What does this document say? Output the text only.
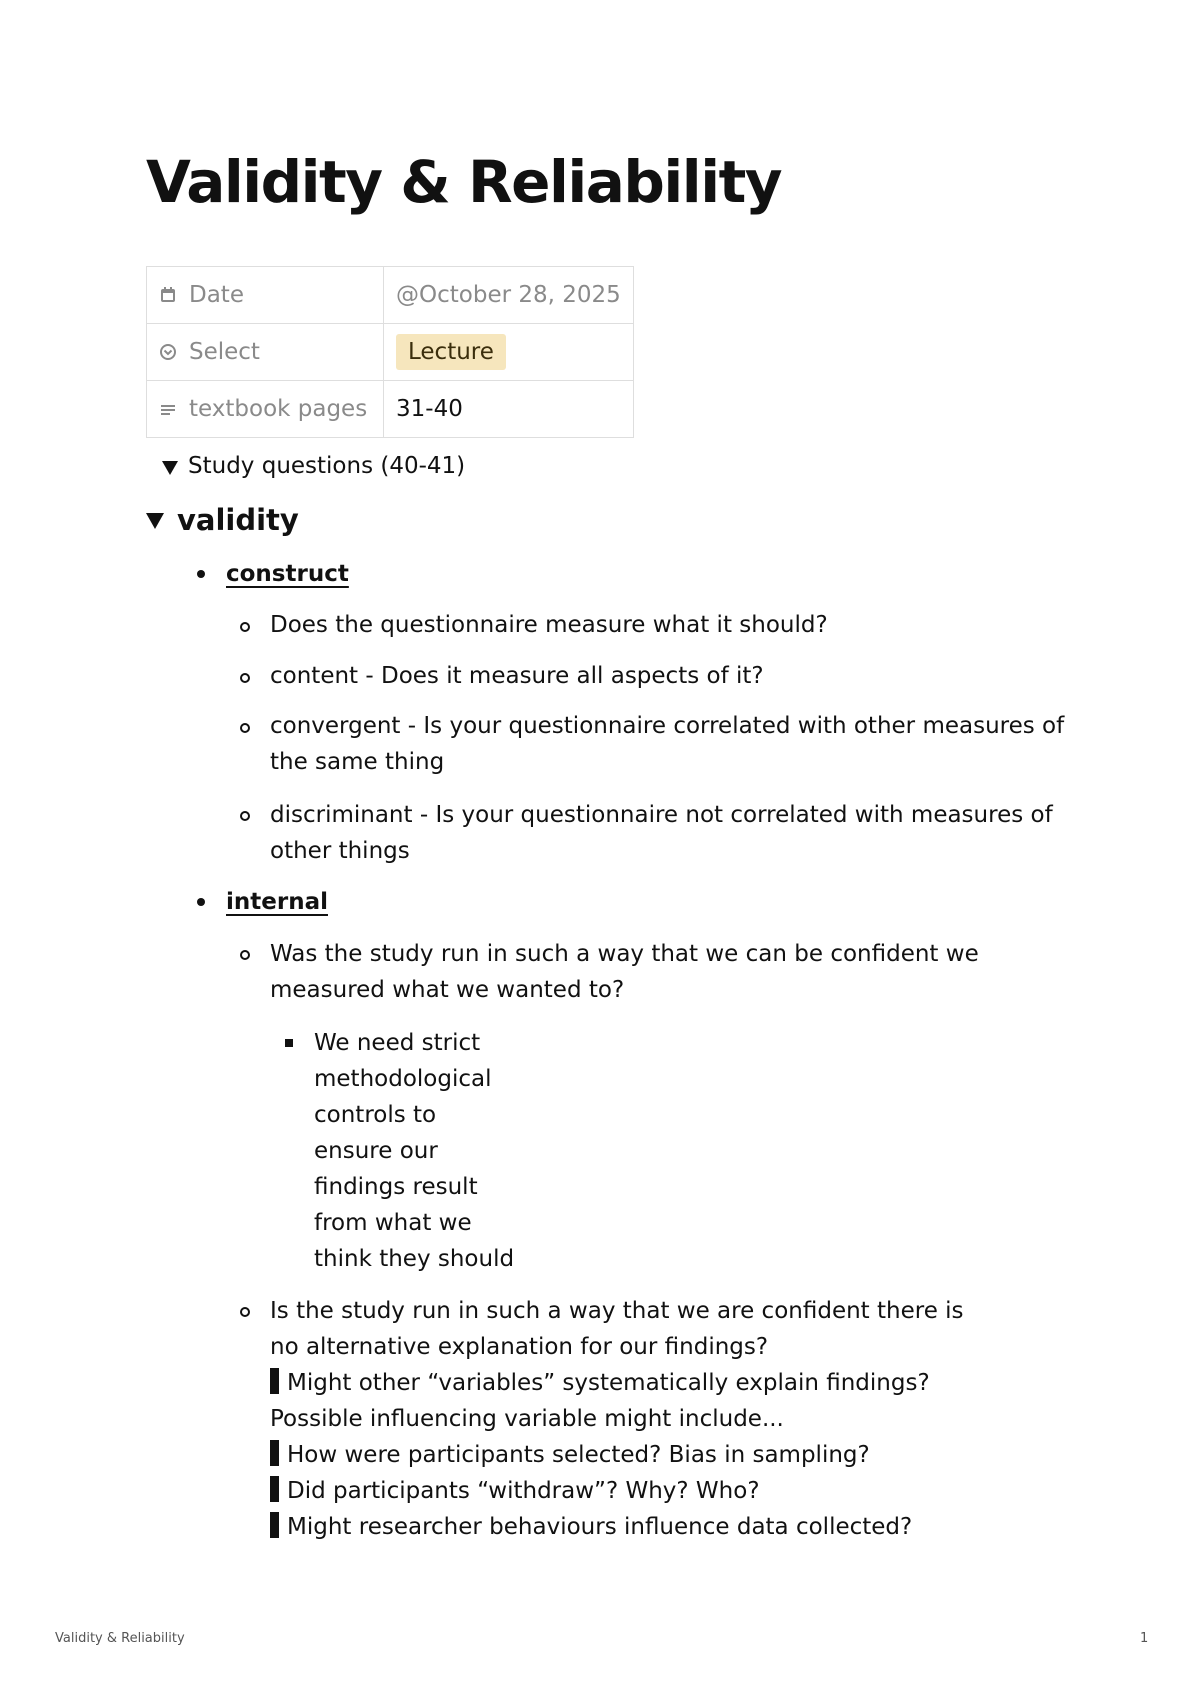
Validity & Reliability
Date	@October 28, 2025
Select	Lecture
textbook pages	31-40
Study questions (40-41)
validity
construct
Does the questionnaire measure what it should?
content - Does it measure all aspects of it?
convergent - Is your questionnaire correlated with other measures of
the same thing
discriminant - Is your questionnaire not correlated with measures of
other things
internal
Was the study run in such a way that we can be confident we
measured what we wanted to?
We need strict
methodological
controls to
ensure our
findings result
from what we
think they should
Is the study run in such a way that we are confident there is
no alternative explanation for our findings?
Might other “variables” systematically explain findings?
Possible influencing variable might include...
How were participants selected? Bias in sampling?
Did participants “withdraw”? Why? Who?
Might researcher behaviours influence data collected?
Validity & Reliability	1
